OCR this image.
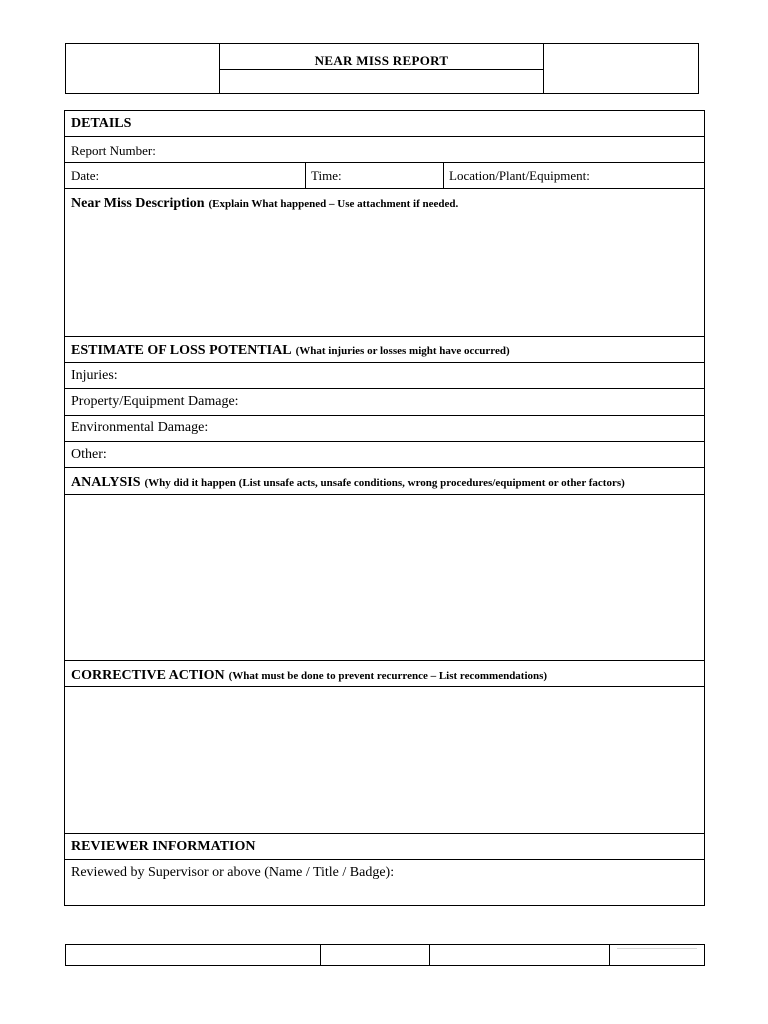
NEAR MISS REPORT
DETAILS
Report Number:
Date:	Time:	Location/Plant/Equipment:
Near Miss Description (Explain What happened – Use attachment if needed.
ESTIMATE OF LOSS POTENTIAL (What injuries or losses might have occurred)
Injuries:
Property/Equipment Damage:
Environmental Damage:
Other:
ANALYSIS (Why did it happen (List unsafe acts, unsafe conditions, wrong procedures/equipment or other factors)
CORRECTIVE ACTION (What must be done to prevent recurrence – List recommendations)
REVIEWER INFORMATION
Reviewed by Supervisor or above (Name / Title / Badge):
